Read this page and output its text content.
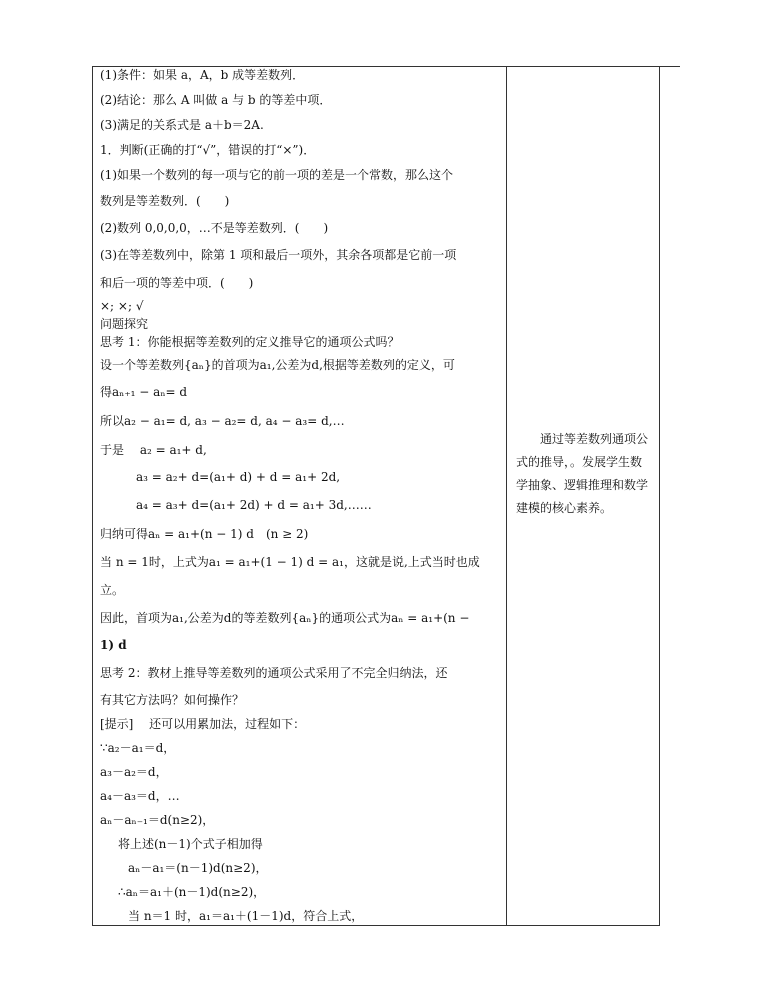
(1)条件：如果 a，A，b 成等差数列．
(2)结论：那么 A 叫做 a 与 b 的等差中项．
(3)满足的关系式是 a＋b＝2A.
1．判断(正确的打“√”，错误的打“×”)．
(1)如果一个数列的每一项与它的前一项的差是一个常数，那么这个
数列是等差数列．(　　)
(2)数列 0,0,0,0，…不是等差数列．(　　)
(3)在等差数列中，除第 1 项和最后一项外，其余各项都是它前一项
和后一项的等差中项．(　　)
×; ×; √
问题探究
思考 1：你能根据等差数列的定义推导它的通项公式吗？
设一个等差数列{aₙ}的首项为a₁,公差为d,根据等差数列的定义，可
得aₙ₊₁ − aₙ= d
所以a₂ − a₁= d, a₃ − a₂= d, a₄ − a₃= d,…
于是　 a₂ = a₁+ d,
a₃ = a₂+ d=(a₁+ d) + d = a₁+ 2d,
a₄ = a₃+ d=(a₁+ 2d) + d = a₁+ 3d,……
归纳可得aₙ = a₁+(n − 1) d　(n ≥ 2)
当 n = 1时，上式为a₁ = a₁+(1 − 1) d = a₁，这就是说,上式当时也成
立。
因此，首项为a₁,公差为d的等差数列{aₙ}的通项公式为aₙ = a₁+(n −
1) d
思考 2：教材上推导等差数列的通项公式采用了不完全归纳法，还
有其它方法吗？如何操作？
[提示]　 还可以用累加法，过程如下：
∵a₂－a₁＝d，
a₃－a₂＝d，
a₄－a₃＝d，…
aₙ－aₙ₋₁＝d(n≥2)，
将上述(n－1)个式子相加得
aₙ－a₁＝(n－1)d(n≥2)，
∴aₙ＝a₁＋(n－1)d(n≥2)，
当 n＝1 时，a₁＝a₁＋(1－1)d，符合上式，
通过等差数列通项公式的推导，。发展学生数学抽象、逻辑推理和数学建模的核心素养。
